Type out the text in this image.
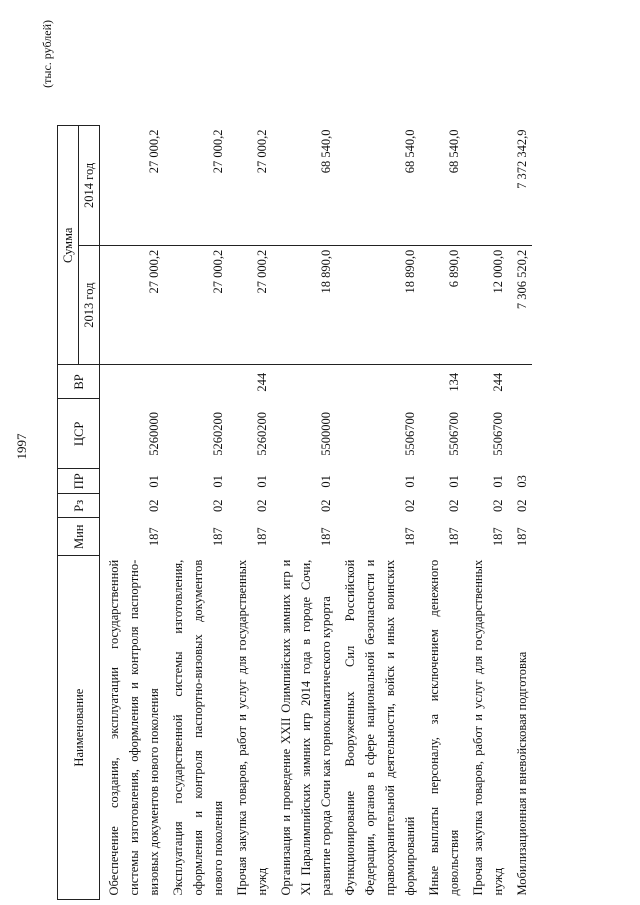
1997
(тыс. рублей)
Наименование	Мин	Рз	ПР	ЦСР	ВР	Сумма	
						2013 год	2014 год
Обеспечение создания, эксплуатации государственной системы изготовления, оформления и контроля паспортно-визовых документов нового поколения	187	02	01	5260000		27 000,2	27 000,2
Эксплуатация государственной системы изготовления, оформления и контроля паспортно-визовых документов нового поколения	187	02	01	5260200		27 000,2	27 000,2
Прочая закупка товаров, работ и услуг для государственных нужд	187	02	01	5260200	244	27 000,2	27 000,2
Организация и проведение XXII Олимпийских зимних игр и XI Паралимпийских зимних игр 2014 года в городе Сочи, развитие города Сочи как горноклиматического курорта	187	02	01	5500000		18 890,0	68 540,0
Функционирование Вооруженных Сил Российской Федерации, органов в сфере национальной безопасности и правоохранительной деятельности, войск и иных воинских формирований	187	02	01	5506700		18 890,0	68 540,0
Иные выплаты персоналу, за исключением денежного довольствия	187	02	01	5506700	134	6 890,0	68 540,0
Прочая закупка товаров, работ и услуг для государственных нужд	187	02	01	5506700	244	12 000,0	
Мобилизационная и вневойсковая подготовка	187	02	03			7 306 520,2	7 372 342,9
